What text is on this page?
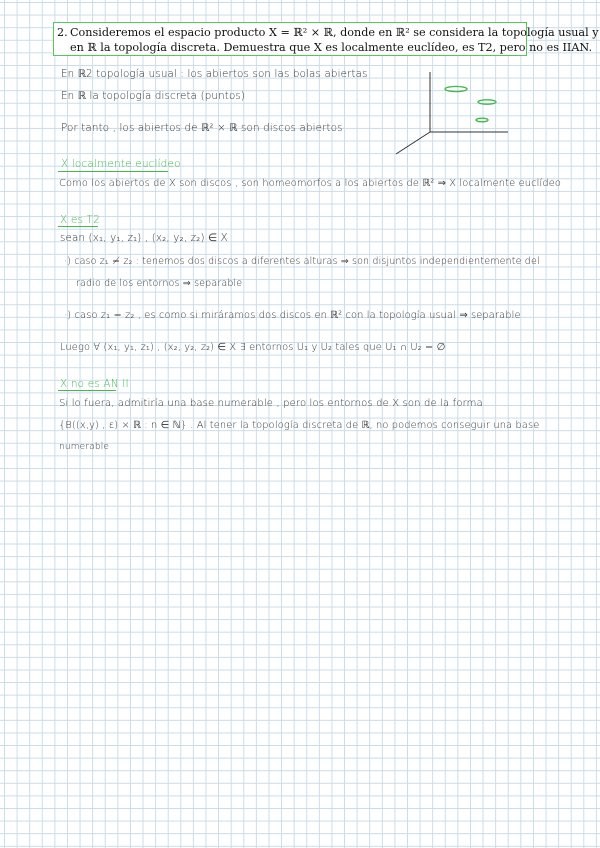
2. Consideremos el espacio producto X = ℝ² × ℝ, donde en ℝ² se considera la topología usual y
en ℝ la topología discreta. Demuestra que X es localmente euclídeo, es T2, pero no es IIAN.
En ℝ2 topología usual : los abiertos son las bolas abiertas
En ℝ la topología discreta (puntos)
Por tanto , los abiertos de ℝ² × ℝ son discos abiertos
X localmente euclídeo
Como los abiertos de X son discos , son homeomorfos a los abiertos de ℝ² ⇒ X localmente euclídeo
X es T2
sean (x₁, y₁, z₁) , (x₂, y₂, z₂) ∈ X
·) caso z₁ ≠ z₂ : tenemos dos discos a diferentes alturas ⇒ son disjuntos independientemente del
radio de los entornos ⇒ separable
·) caso z₁ = z₂ , es como si miráramos dos discos en ℝ² con la topología usual ⇒ separable
Luego ∀ (x₁, y₁, z₁) , (x₂, y₂, z₂) ∈ X ∃ entornos U₁ y U₂ tales que U₁ ∩ U₂ = ∅
X no es AN II
Si lo fuera, admitiría una base numerable , pero los entornos de X son de la forma
{B((x,y) , ε) × ℝ : n ∈ ℕ} . Al tener la topología discreta de ℝ, no podemos conseguir una base
numerable
